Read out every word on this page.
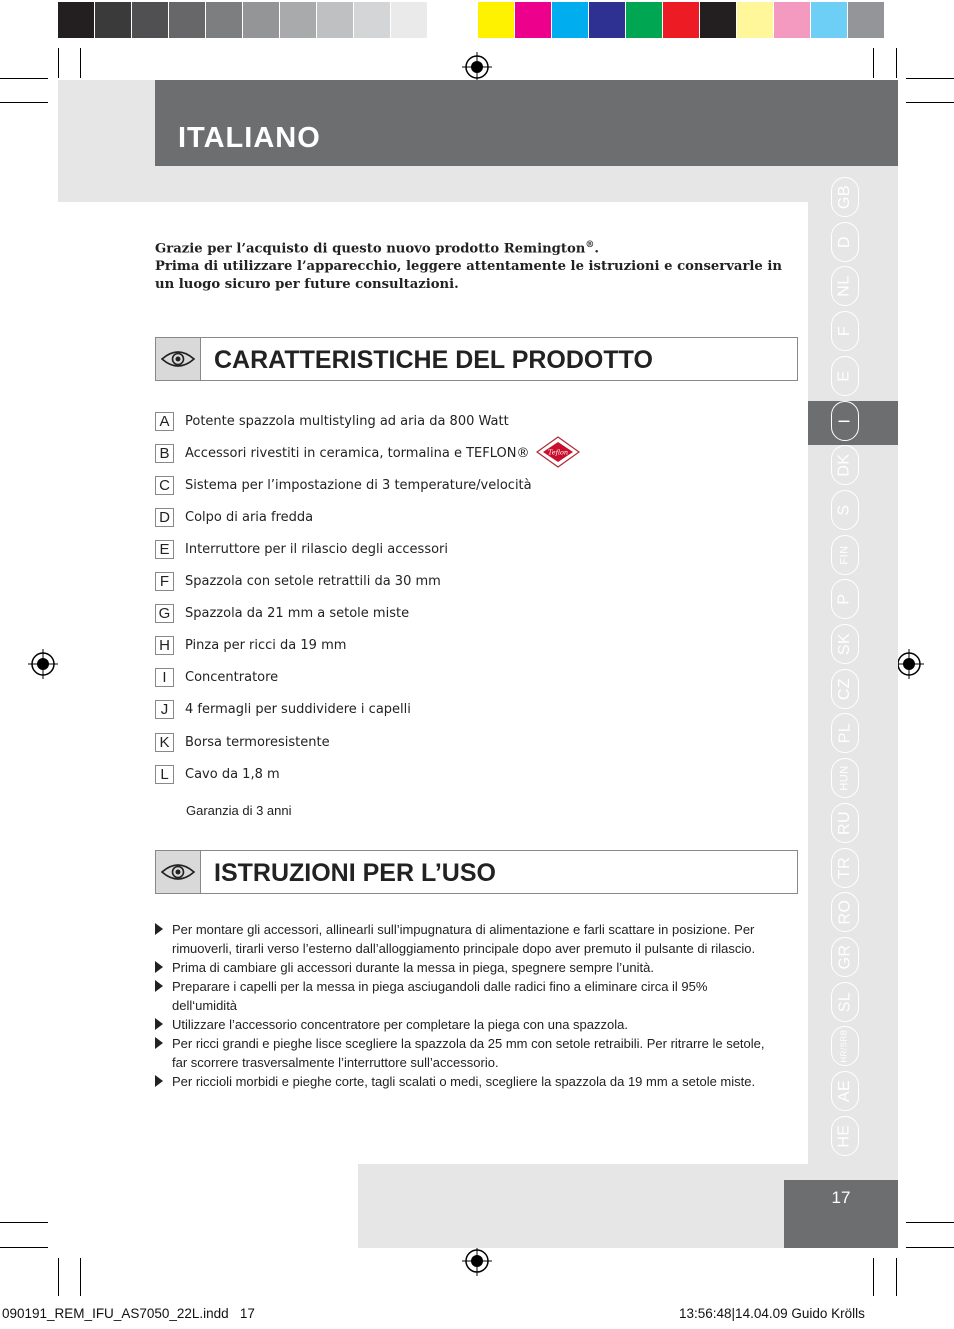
ITALIANO
GB
D
NL
F
E
I
DK
S
FIN
P
SK
CZ
PL
HUN
RU
TR
RO
GR
SL
HR/SRB
AE
HE
17
Grazie per l’acquisto di questo nuovo prodotto Remington®.
Prima di utilizzare l’apparecchio, leggere attentamente le istruzioni e conservarle in un luogo sicuro per future consultazioni.
CARATTERISTICHE DEL PRODOTTO
A	Potente spazzola multistyling ad aria da 800 Watt
B	Accessori rivestiti in ceramica, tormalina e TEFLON®
C	Sistema per l’impostazione di 3 temperature/velocità
D	Colpo di aria fredda
E	Interruttore per il rilascio degli accessori
F	Spazzola con setole retrattili da 30 mm
G Spazzola da 21 mm a setole miste
H	Pinza per ricci da 19 mm
I	Concentratore
J	4 fermagli per suddividere i capelli
K	Borsa termoresistente
L	Cavo da 1,8 m
Teflon
Garanzia di 3 anni
ISTRUZIONI PER L’USO
Per montare gli accessori, allinearli sull’impugnatura di alimentazione e farli scattare in posizione. Per rimuoverli, tirarli verso l’esterno dall’alloggiamento principale dopo aver premuto il pulsante di rilascio.
Prima di cambiare gli accessori durante la messa in piega, spegnere sempre l’unità.
Preparare i capelli per la messa in piega asciugandoli dalle radici fino a eliminare circa il 95% dell‘umidità
Utilizzare l’accessorio concentratore per completare la piega con una spazzola.
Per ricci grandi e pieghe lisce scegliere la spazzola da 25 mm con setole retraibili. Per ritrarre le setole, far scorrere trasversalmente l’interruttore sull’accessorio.
Per riccioli morbidi e pieghe corte, tagli scalati o medi, scegliere la spazzola da 19 mm a setole miste.
090191_REM_IFU_AS7050_22L.indd   17	13:56:48|14.04.09 Guido Krölls
